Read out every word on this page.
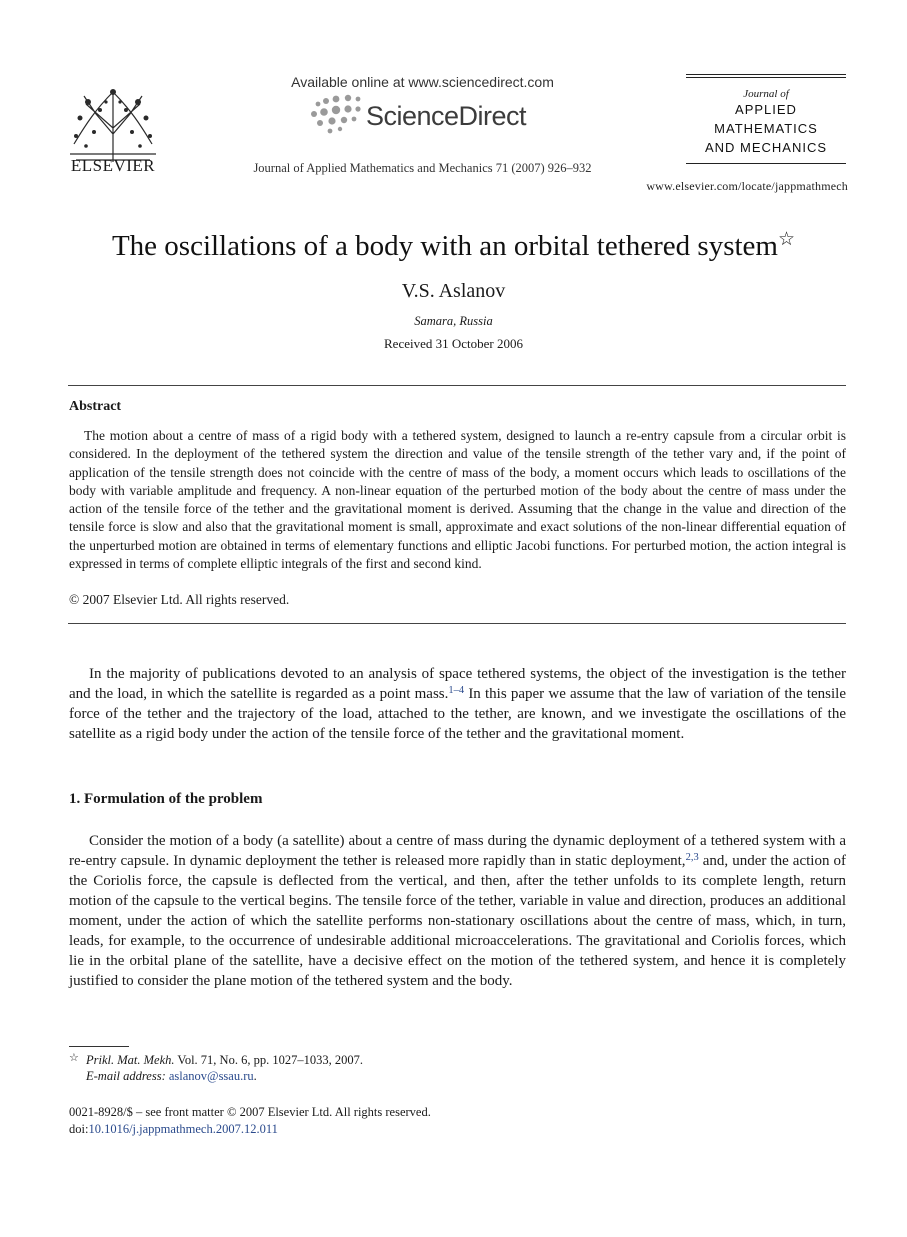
ELSEVIER
Available online at www.sciencedirect.com
ScienceDirect
Journal of Applied Mathematics and Mechanics 71 (2007) 926–932
Journal of
APPLIED
MATHEMATICS
AND MECHANICS
www.elsevier.com/locate/jappmathmech
The oscillations of a body with an orbital tethered system☆
V.S. Aslanov
Samara, Russia
Received 31 October 2006
Abstract

The motion about a centre of mass of a rigid body with a tethered system, designed to launch a re-entry capsule from a circular orbit is considered. In the deployment of the tethered system the direction and value of the tensile strength of the tether vary and, if the point of application of the tensile strength does not coincide with the centre of mass of the body, a moment occurs which leads to oscillations of the body with variable amplitude and frequency. A non-linear equation of the perturbed motion of the body about the centre of mass under the action of the tensile force of the tether and the gravitational moment is derived. Assuming that the change in the value and direction of the tensile force is slow and also that the gravitational moment is small, approximate and exact solutions of the non-linear differential equation of the unperturbed motion are obtained in terms of elementary functions and elliptic Jacobi functions. For perturbed motion, the action integral is expressed in terms of complete elliptic integrals of the first and second kind.

© 2007 Elsevier Ltd. All rights reserved.

In the majority of publications devoted to an analysis of space tethered systems, the object of the investigation is the tether and the load, in which the satellite is regarded as a point mass.$^{1-4}$ In this paper we assume that the law of variation of the tensile force of the tether and the trajectory of the load, attached to the tether, are known, and we investigate the oscillations of the satellite as a rigid body under the action of the tensile force of the tether and the gravitational moment.

1. Formulation of the problem

Consider the motion of a body (a satellite) about a centre of mass during the dynamic deployment of a tethered system with a re-entry capsule. In dynamic deployment the tether is released more rapidly than in static deployment,$^{2,3}$ and, under the action of the Coriolis force, the capsule is deflected from the vertical, and then, after the tether unfolds to its complete length, return motion of the capsule to the vertical begins. The tensile force of the tether, variable in value and direction, produces an additional moment, under the action of which the satellite performs non-stationary oscillations about the centre of mass, which, in turn, leads, for example, to the occurrence of undesirable additional microaccelerations. The gravitational and Coriolis forces, which lie in the orbital plane of the satellite, have a decisive effect on the motion of the tethered system, and hence it is completely justified to consider the plane motion of the tethered system and the body.

☆ Prikl. Mat. Mekh. Vol. 71, No. 6, pp. 1027–1033, 2007.
E-mail address: aslanov@ssau.ru.
0021-8928/$ – see front matter © 2007 Elsevier Ltd. All rights reserved.
doi:10.1016/j.jappmathmech.2007.12.011
